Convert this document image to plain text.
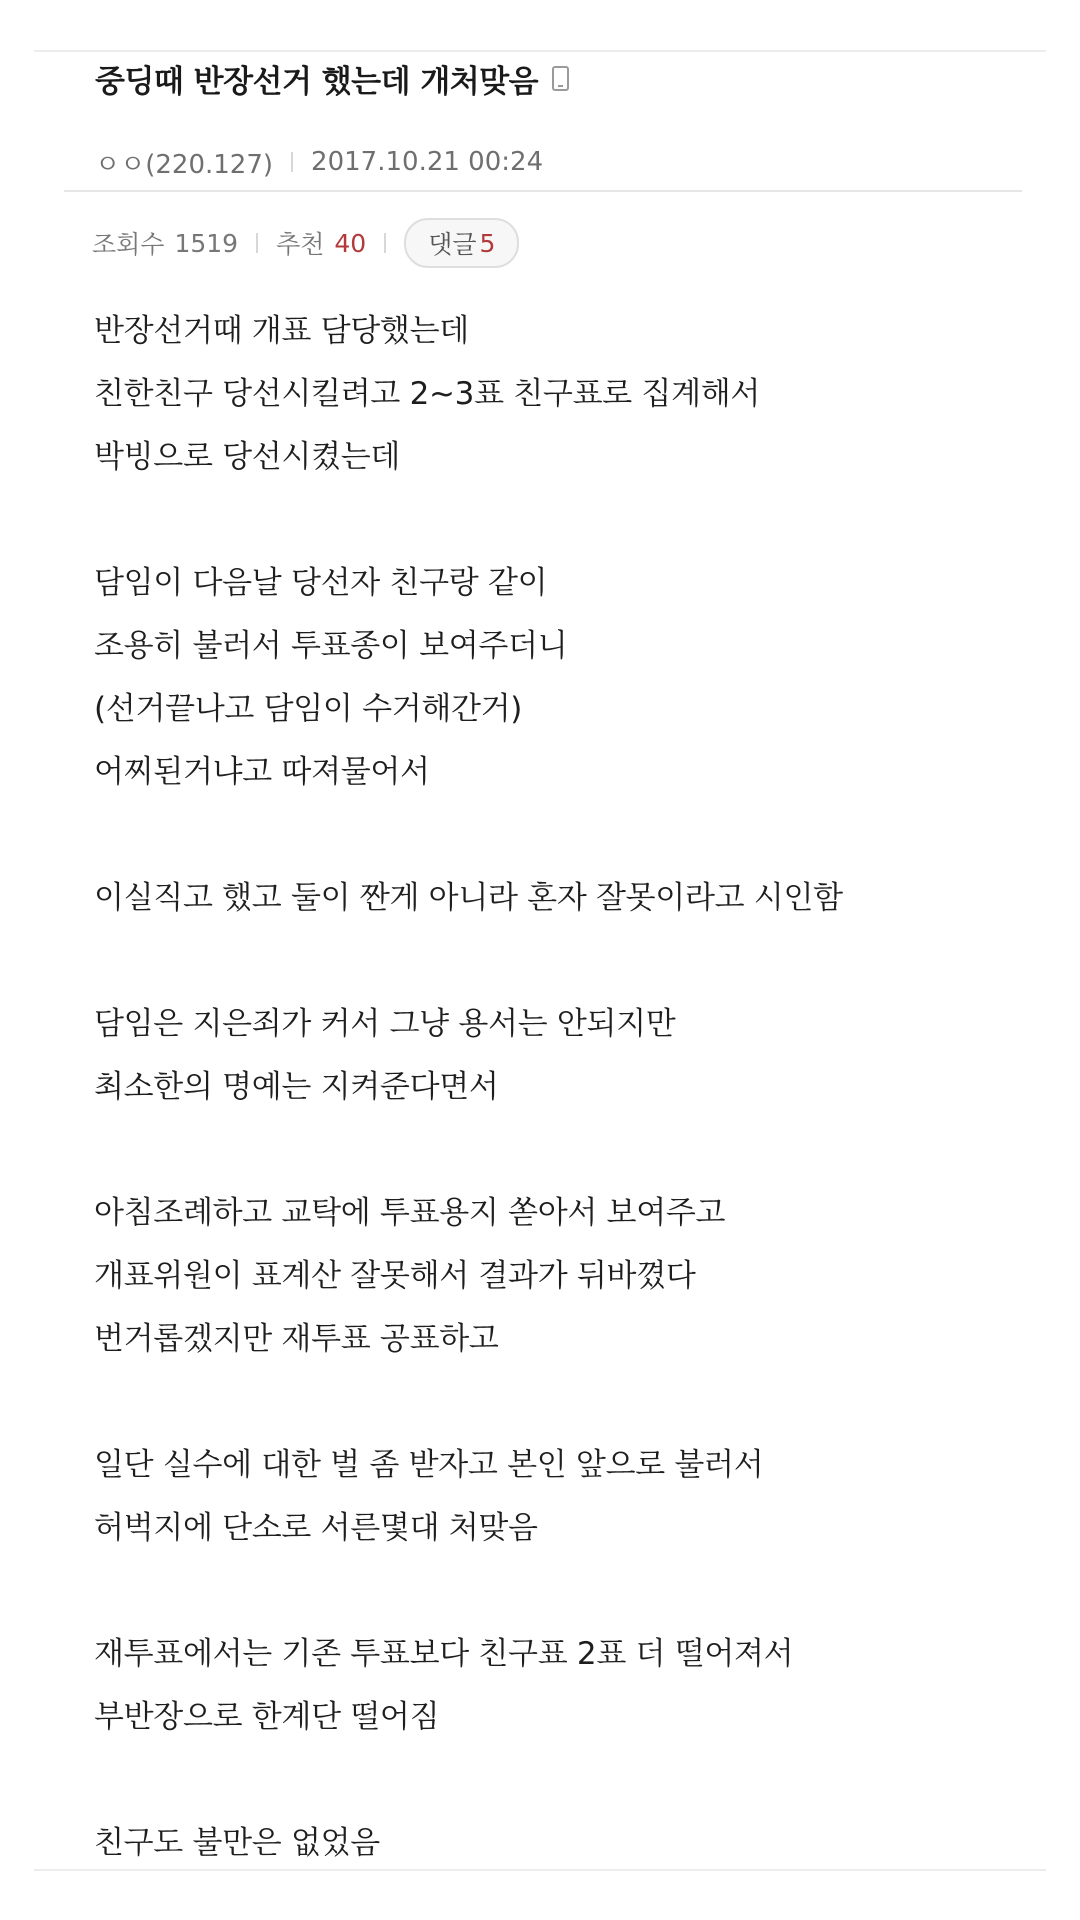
중딩때 반장선거 했는데 개처맞음
ㅇㅇ(220.127) 2017.10.21 00:24
조회수 1519 추천 40 댓글 5
반장선거때 개표 담당했는데
친한친구 당선시킬려고 2~3표 친구표로 집계해서
박빙으로 당선시켰는데
담임이 다음날 당선자 친구랑 같이
조용히 불러서 투표종이 보여주더니
(선거끝나고 담임이 수거해간거)
어찌된거냐고 따져물어서
이실직고 했고 둘이 짠게 아니라 혼자 잘못이라고 시인함
담임은 지은죄가 커서 그냥 용서는 안되지만
최소한의 명예는 지켜준다면서
아침조례하고 교탁에 투표용지 쏟아서 보여주고
개표위원이 표계산 잘못해서 결과가 뒤바꼈다
번거롭겠지만 재투표 공표하고
일단 실수에 대한 벌 좀 받자고 본인 앞으로 불러서
허벅지에 단소로 서른몇대 처맞음
재투표에서는 기존 투표보다 친구표 2표 더 떨어져서
부반장으로 한계단 떨어짐
친구도 불만은 없었음
